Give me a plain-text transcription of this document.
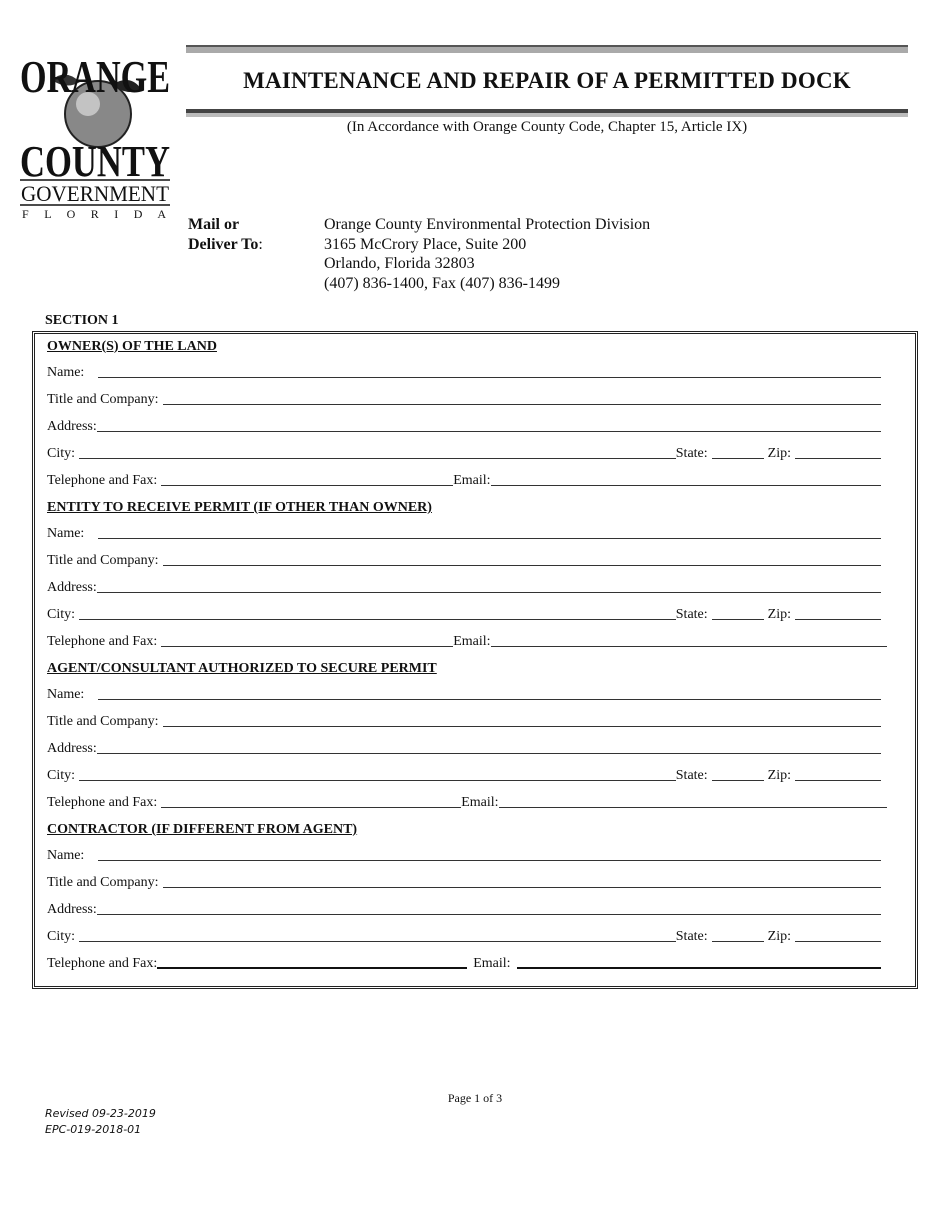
ORANGE
COUNTY
GOVERNMENT
F L O R I D A
MAINTENANCE AND REPAIR OF A PERMITTED DOCK
(In Accordance with Orange County Code, Chapter 15, Article IX)
Mail or
Deliver To:
Orange County Environmental Protection Division
3165 McCrory Place, Suite 200
Orlando, Florida 32803
(407) 836-1400, Fax (407) 836-1499
SECTION 1
OWNER(S) OF THE LAND
Name:
Title and Company:
Address:
City:	State:	Zip:
Telephone and Fax:	Email:
ENTITY TO RECEIVE PERMIT (IF OTHER THAN OWNER)
Name:
Title and Company:
Address:
City:	State:	Zip:
Telephone and Fax:	Email:
AGENT/CONSULTANT AUTHORIZED TO SECURE PERMIT
Name:
Title and Company:
Address:
City:	State:	Zip:
Telephone and Fax:	Email:
CONTRACTOR (IF DIFFERENT FROM AGENT)
Name:
Title and Company:
Address:
City:	State:	Zip:
Telephone and Fax:	Email:
Page 1 of 3
Revised 09-23-2019
EPC-019-2018-01
